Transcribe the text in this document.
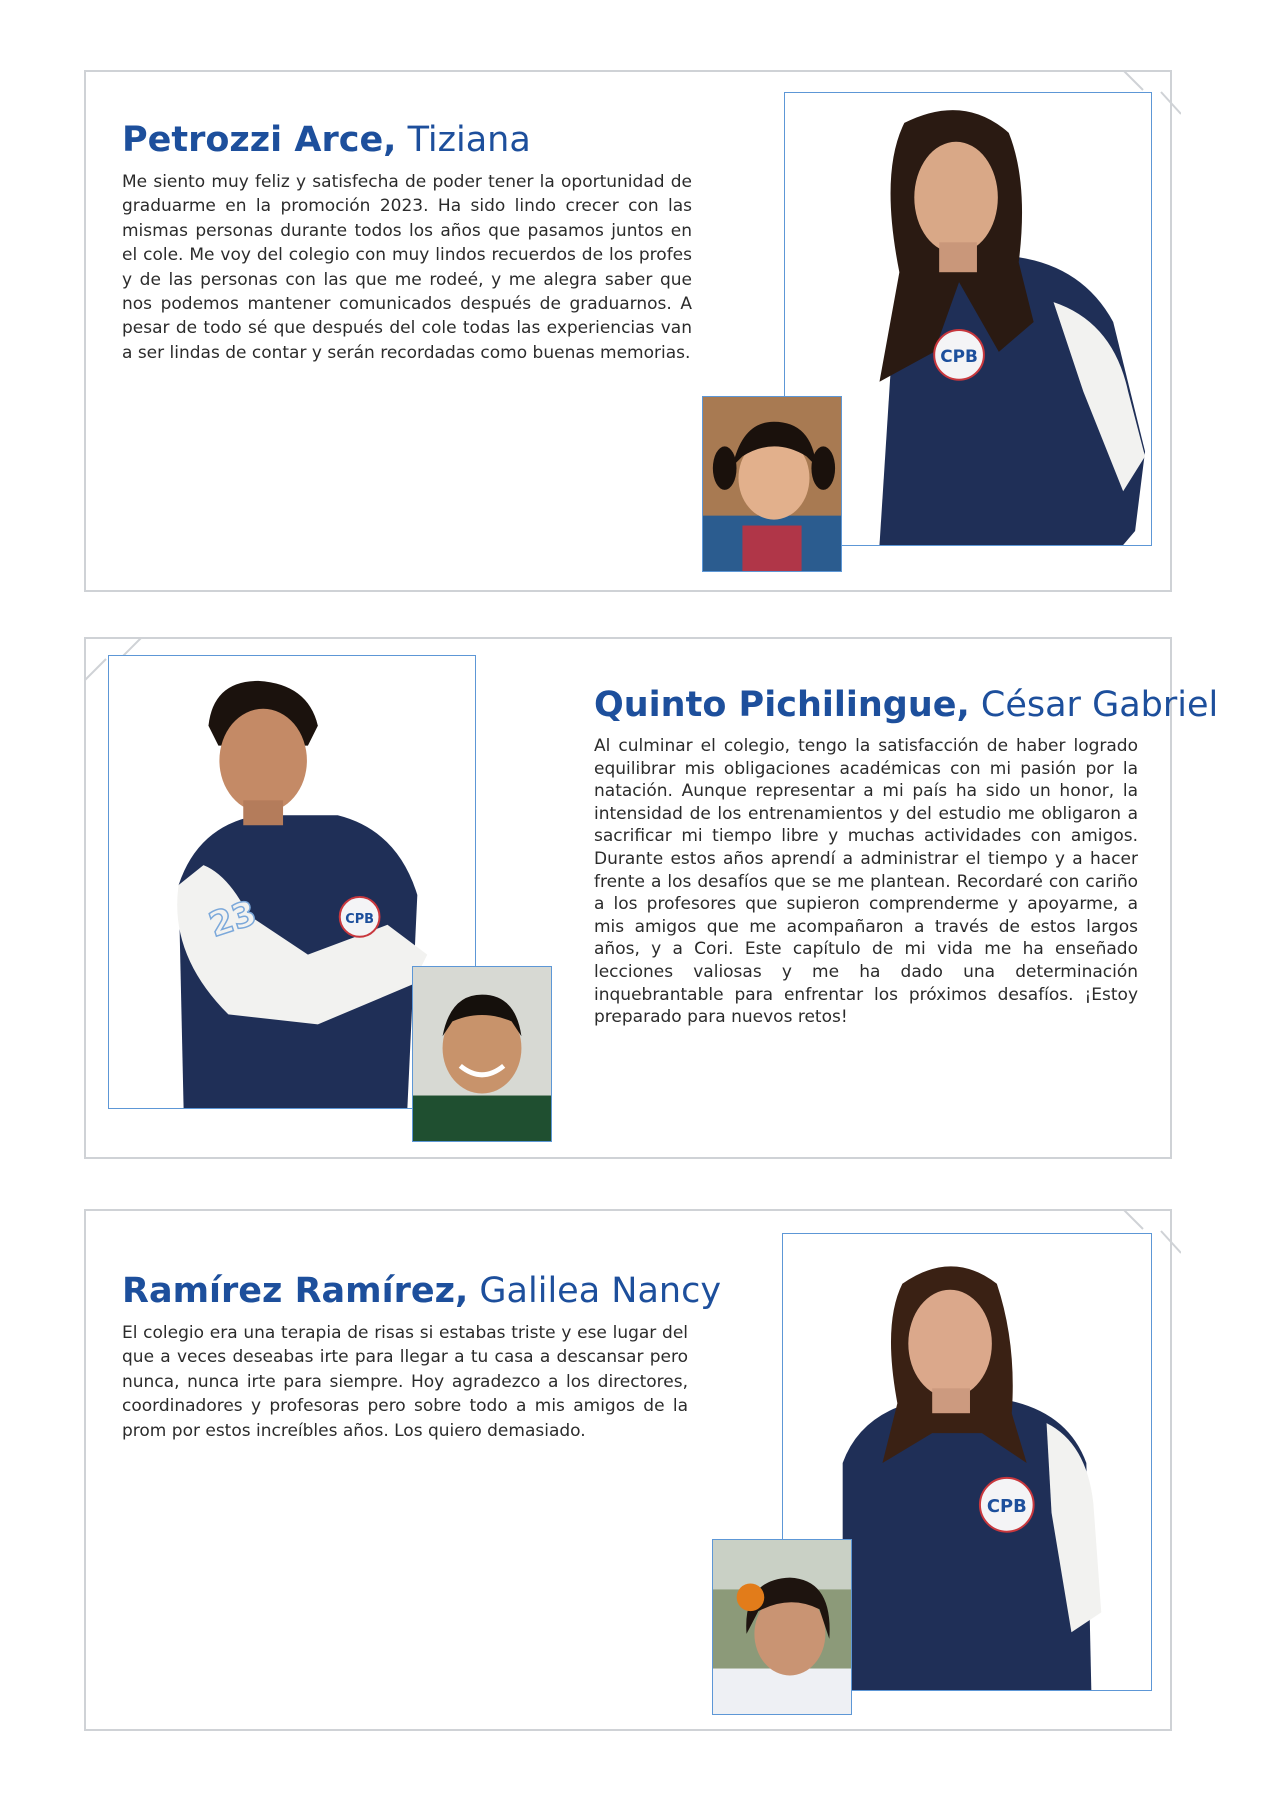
Petrozzi Arce, Tiziana

Me siento muy feliz y satisfecha de poder tener la oportunidad de graduarme en la promoción 2023. Ha sido lindo crecer con las mismas personas durante todos los años que pasamos juntos en el cole. Me voy del colegio con muy lindos recuerdos de los profes y de las personas con las que me rodeé, y me alegra saber que nos podemos mantener comunicados después de graduarnos. A pesar de todo sé que después del cole todas las experiencias van a ser lindas de contar y serán recordadas como buenas memorias.	CPB
23	CPB
Quinto Pichilingue, César Gabriel

Al culminar el colegio, tengo la satisfacción de haber logrado equilibrar mis obligaciones académicas con mi pasión por la natación. Aunque representar a mi país ha sido un honor, la intensidad de los entrenamientos y del estudio me obligaron a sacrificar mi tiempo libre y muchas actividades con amigos. Durante estos años aprendí a administrar el tiempo y a hacer frente a los desafíos que se me plantean. Recordaré con cariño a los profesores que supieron comprenderme y apoyarme, a mis amigos que me acompañaron a través de estos largos años, y a Cori. Este capítulo de mi vida me ha enseñado lecciones valiosas y me ha dado una determinación inquebrantable para enfrentar los próximos desafíos. ¡Estoy preparado para nuevos retos!

Ramírez Ramírez, Galilea Nancy

El colegio era una terapia de risas si estabas triste y ese lugar del que a veces deseabas irte para llegar a tu casa a descansar pero nunca, nunca irte para siempre. Hoy agradezco a los directores, coordinadores y profesoras pero sobre todo a mis amigos de la prom por estos increíbles años. Los quiero demasiado.

CPB
